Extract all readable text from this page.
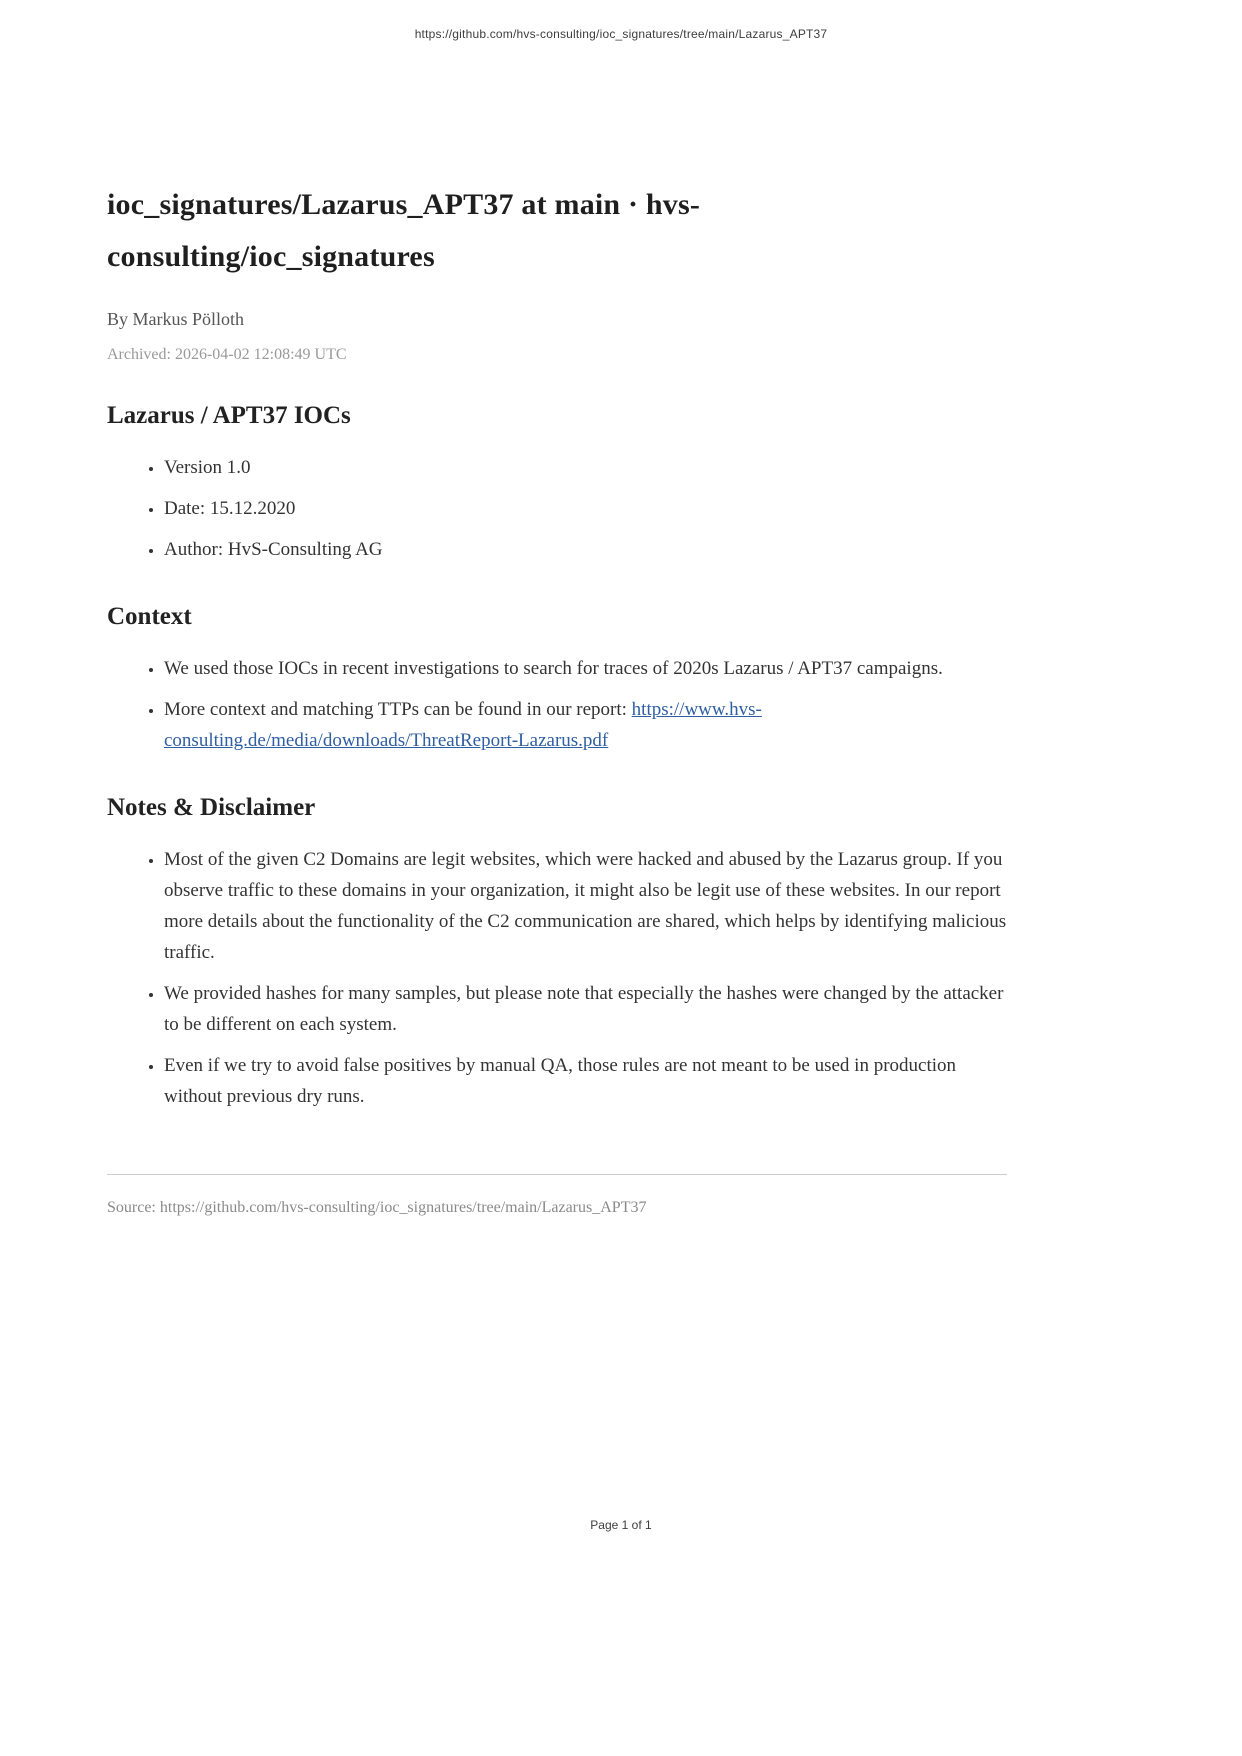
https://github.com/hvs-consulting/ioc_signatures/tree/main/Lazarus_APT37
ioc_signatures/Lazarus_APT37 at main · hvs-consulting/ioc_signatures
By Markus Pölloth
Archived: 2026-04-02 12:08:49 UTC
Lazarus / APT37 IOCs
• Version 1.0
• Date: 15.12.2020
• Author: HvS-Consulting AG
Context
• We used those IOCs in recent investigations to search for traces of 2020s Lazarus / APT37 campaigns.
• More context and matching TTPs can be found in our report: https://www.hvs-consulting.de/media/downloads/ThreatReport-Lazarus.pdf
Notes & Disclaimer
• Most of the given C2 Domains are legit websites, which were hacked and abused by the Lazarus group. If you observe traffic to these domains in your organization, it might also be legit use of these websites. In our report more details about the functionality of the C2 communication are shared, which helps by identifying malicious traffic.
• We provided hashes for many samples, but please note that especially the hashes were changed by the attacker to be different on each system.
• Even if we try to avoid false positives by manual QA, those rules are not meant to be used in production without previous dry runs.
Source: https://github.com/hvs-consulting/ioc_signatures/tree/main/Lazarus_APT37
Page 1 of 1
